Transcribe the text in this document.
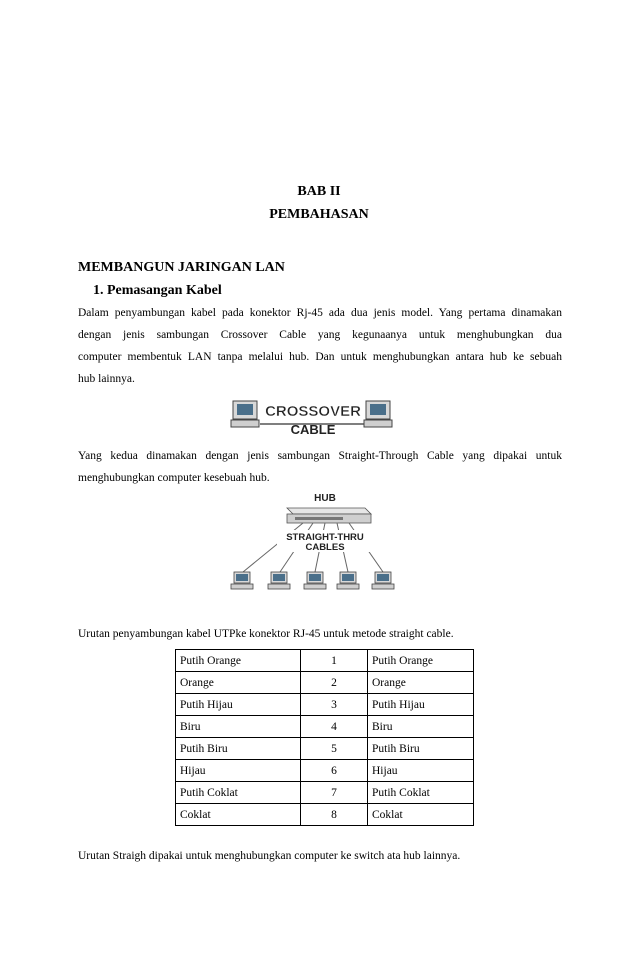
BAB II
PEMBAHASAN
MEMBANGUN JARINGAN LAN
1. Pemasangan Kabel
Dalam penyambungan kabel pada konektor Rj-45 ada dua jenis model. Yang pertama dinamakan
dengan jenis sambungan Crossover Cable yang kegunaanya untuk menghubungkan dua
computer membentuk LAN tanpa melalui hub. Dan untuk menghubungkan antara hub ke sebuah
hub lainnya.
CROSSOVER
CABLE
Yang kedua dinamakan dengan jenis sambungan Straight-Through Cable yang dipakai untuk
menghubungkan computer kesebuah hub.
HUB
STRAIGHT-THRU
CABLES
Urutan penyambungan kabel UTPke konektor RJ-45 untuk metode straight cable.
Putih Orange	1	Putih Orange
Orange	2	Orange
Putih Hijau	3	Putih Hijau
Biru	4	Biru
Putih Biru	5	Putih Biru
Hijau	6	Hijau
Putih Coklat	7	Putih Coklat
Coklat	8	Coklat
Urutan Straigh dipakai untuk menghubungkan computer ke switch ata hub lainnya.
